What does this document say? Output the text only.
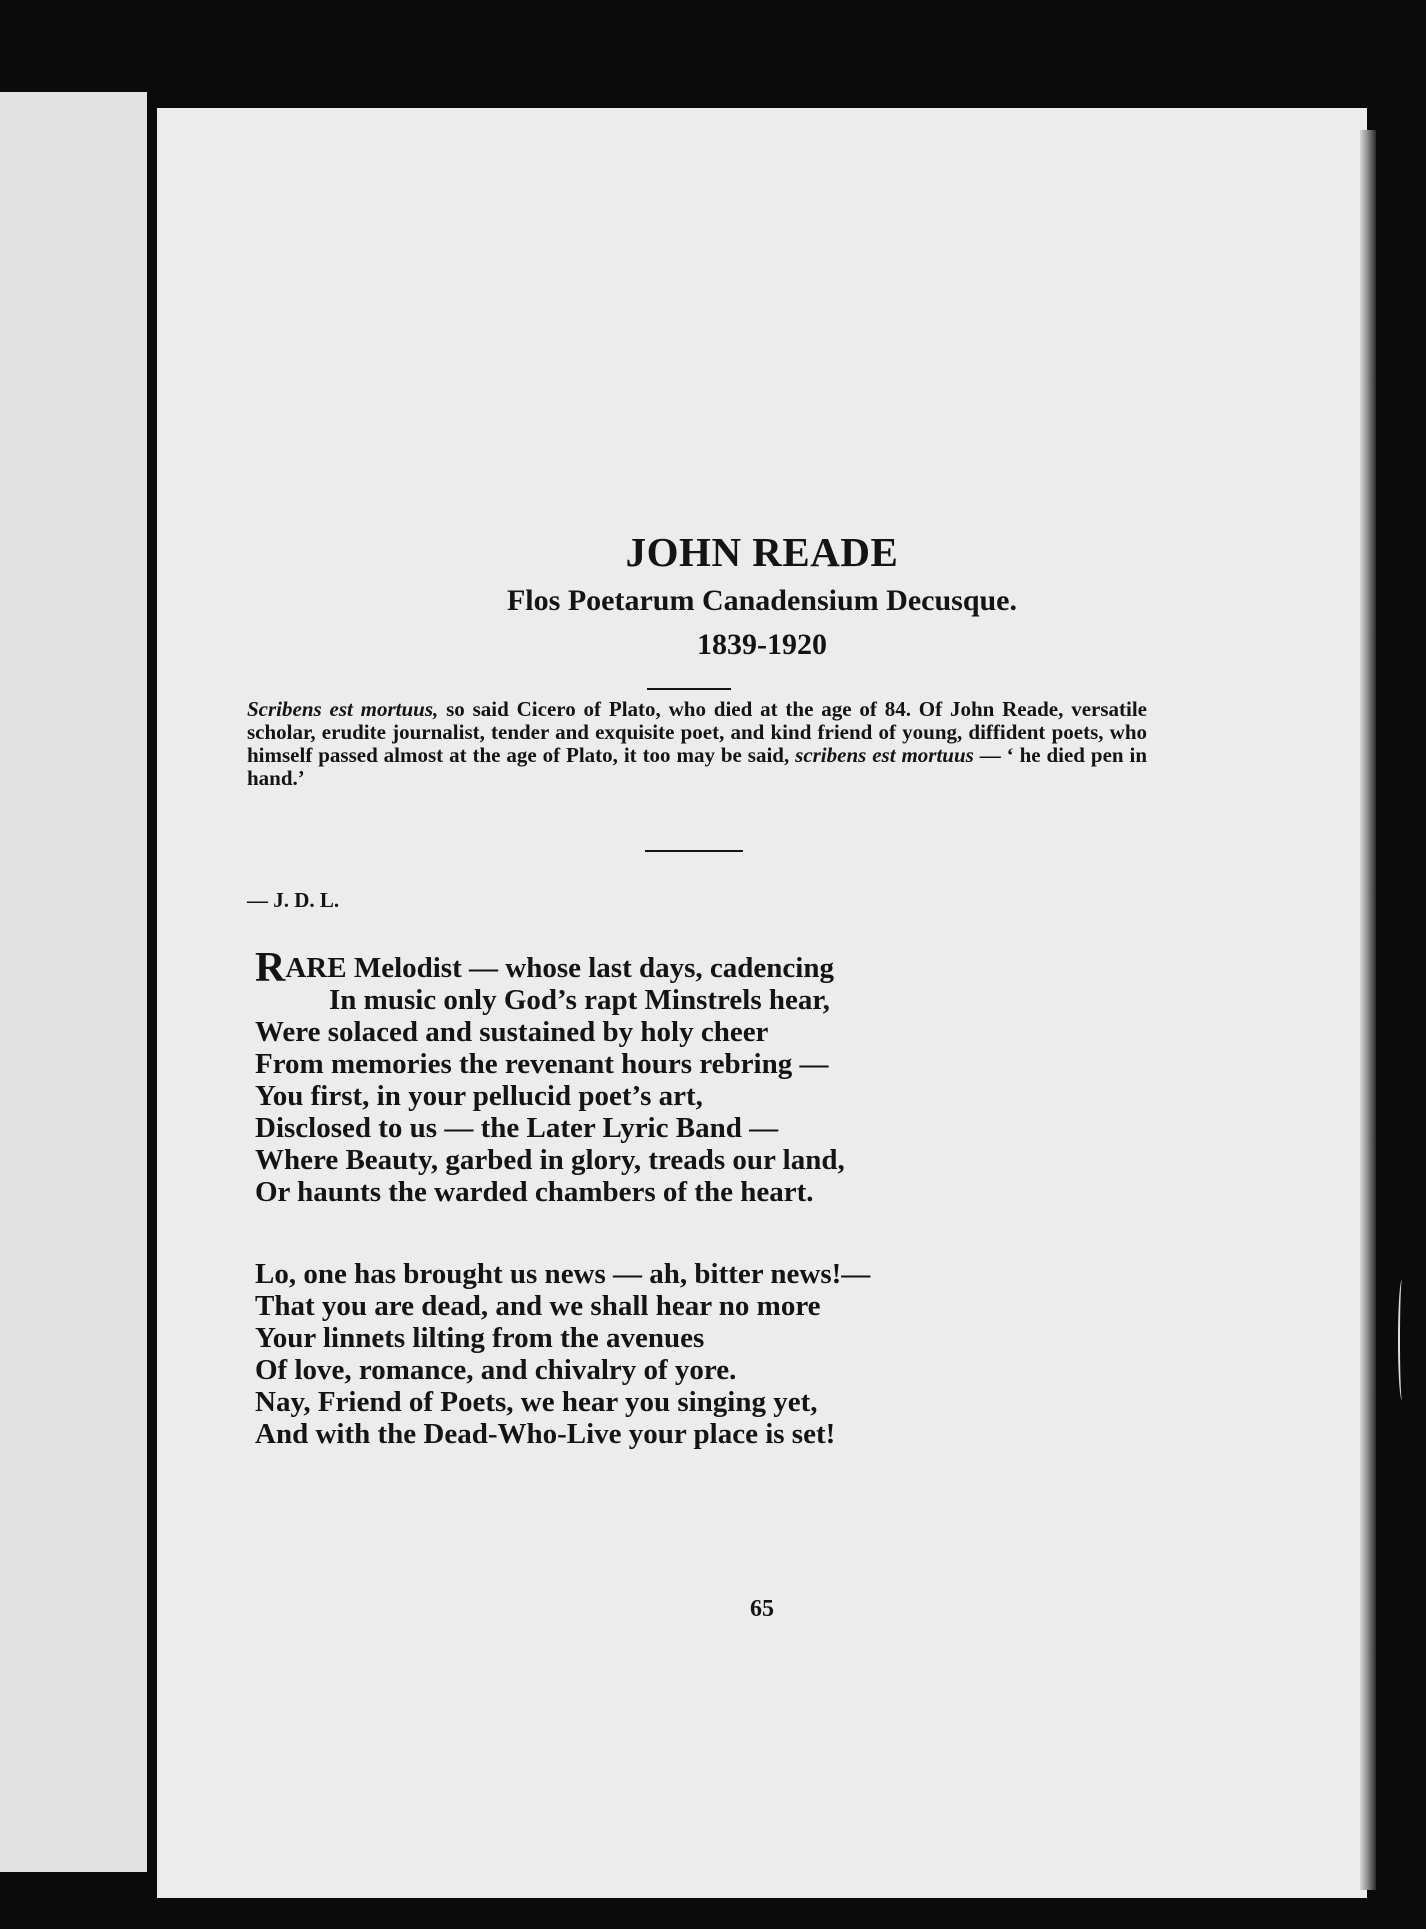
JOHN READE
Flos Poetarum Canadensium Decusque.
1839-1920
Scribens est mortuus, so said Cicero of Plato, who died at the age of 84. Of John Reade, versatile scholar, erudite journalist, tender and exquisite poet, and kind friend of young, diffident poets, who himself passed almost at the age of Plato, it too may be said, scribens est mortuus — ‘ he died pen in hand.’
— J. D. L.
RARE Melodist — whose last days, cadencing
In music only God’s rapt Minstrels hear,
Were solaced and sustained by holy cheer
From memories the revenant hours rebring —
You first, in your pellucid poet’s art,
Disclosed to us — the Later Lyric Band —
Where Beauty, garbed in glory, treads our land,
Or haunts the warded chambers of the heart.
Lo, one has brought us news — ah, bitter news!—
That you are dead, and we shall hear no more
Your linnets lilting from the avenues
Of love, romance, and chivalry of yore.
Nay, Friend of Poets, we hear you singing yet,
And with the Dead-Who-Live your place is set!
65
